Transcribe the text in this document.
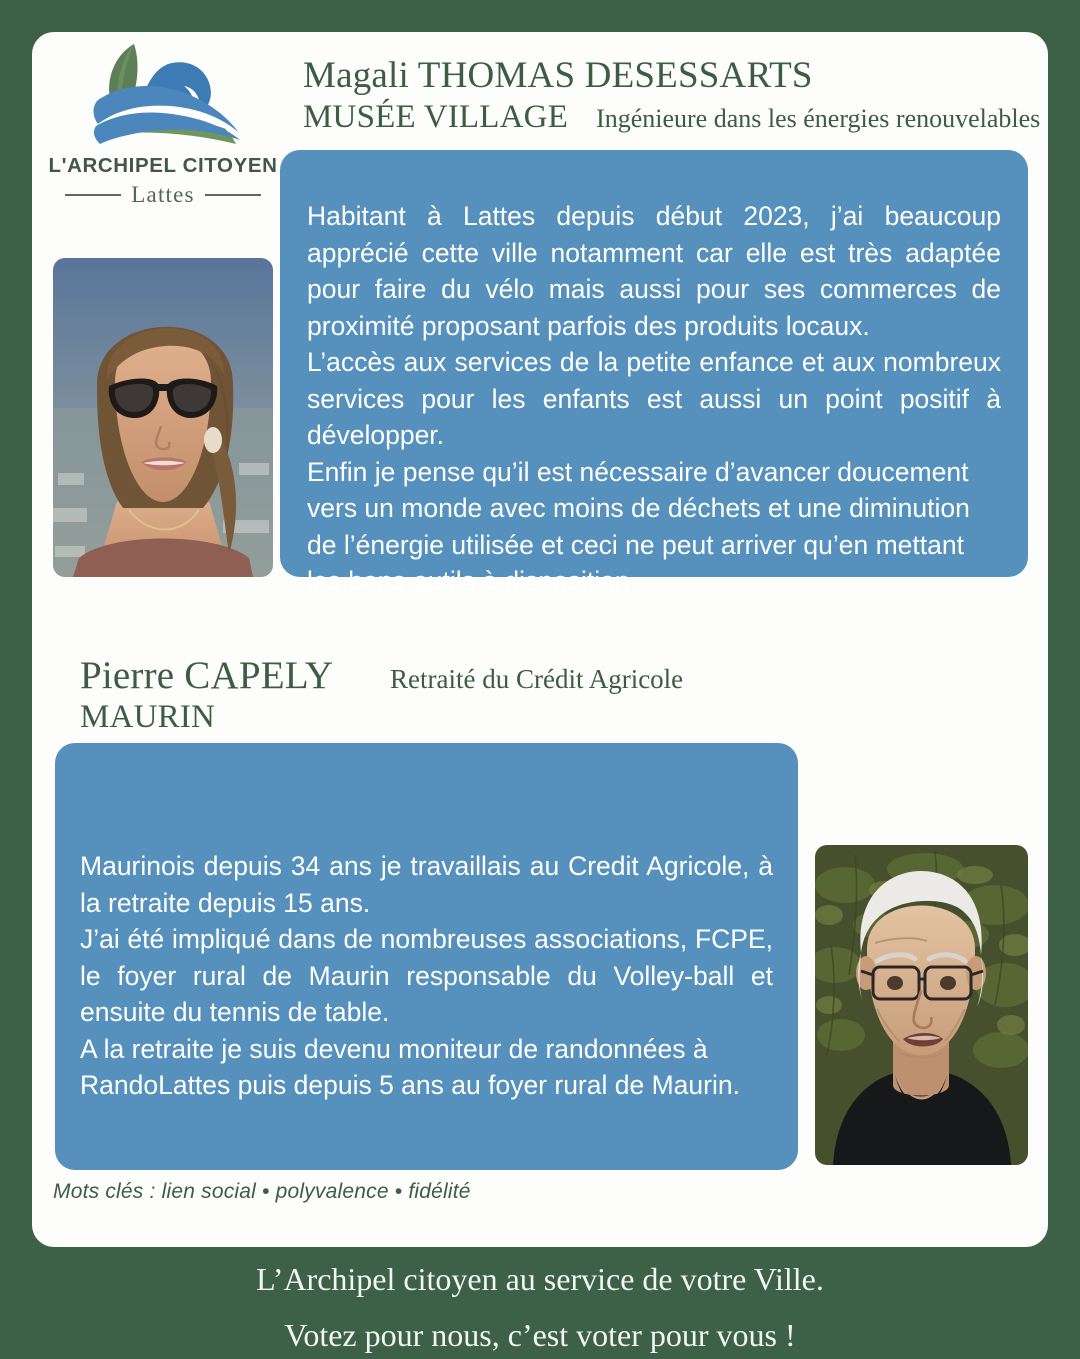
L'ARCHIPEL CITOYEN
Lattes
Magali THOMAS DESESSARTS
MUSÉE VILLAGE Ingénieure dans les énergies renouvelables

Habitant à Lattes depuis début 2023, j’ai beaucoup apprécié cette ville notamment car elle est très adaptée pour faire du vélo mais aussi pour ses commerces de proximité proposant parfois des produits locaux.

L’accès aux services de la petite enfance et aux nombreux services pour les enfants est aussi un point positif à développer.

Enfin je pense qu’il est nécessaire d’avancer doucement vers un monde avec moins de déchets et une diminution de l’énergie utilisée et ceci ne peut arriver qu’en mettant les bons outils à disposition.

Pierre CAPELY
MAURIN
Retraité du Crédit Agricole

Maurinois depuis 34 ans je travaillais au Credit Agricole, à la retraite depuis 15 ans.

J’ai été impliqué dans de nombreuses associations, FCPE, le foyer rural de Maurin responsable du Volley-ball et ensuite du tennis de table.

A la retraite je suis devenu moniteur de randonnées à RandoLattes puis depuis 5 ans au foyer rural de Maurin.

Mots clés : lien social • polyvalence • fidélité
L’Archipel citoyen au service de votre Ville.
Votez pour nous, c’est voter pour vous !
